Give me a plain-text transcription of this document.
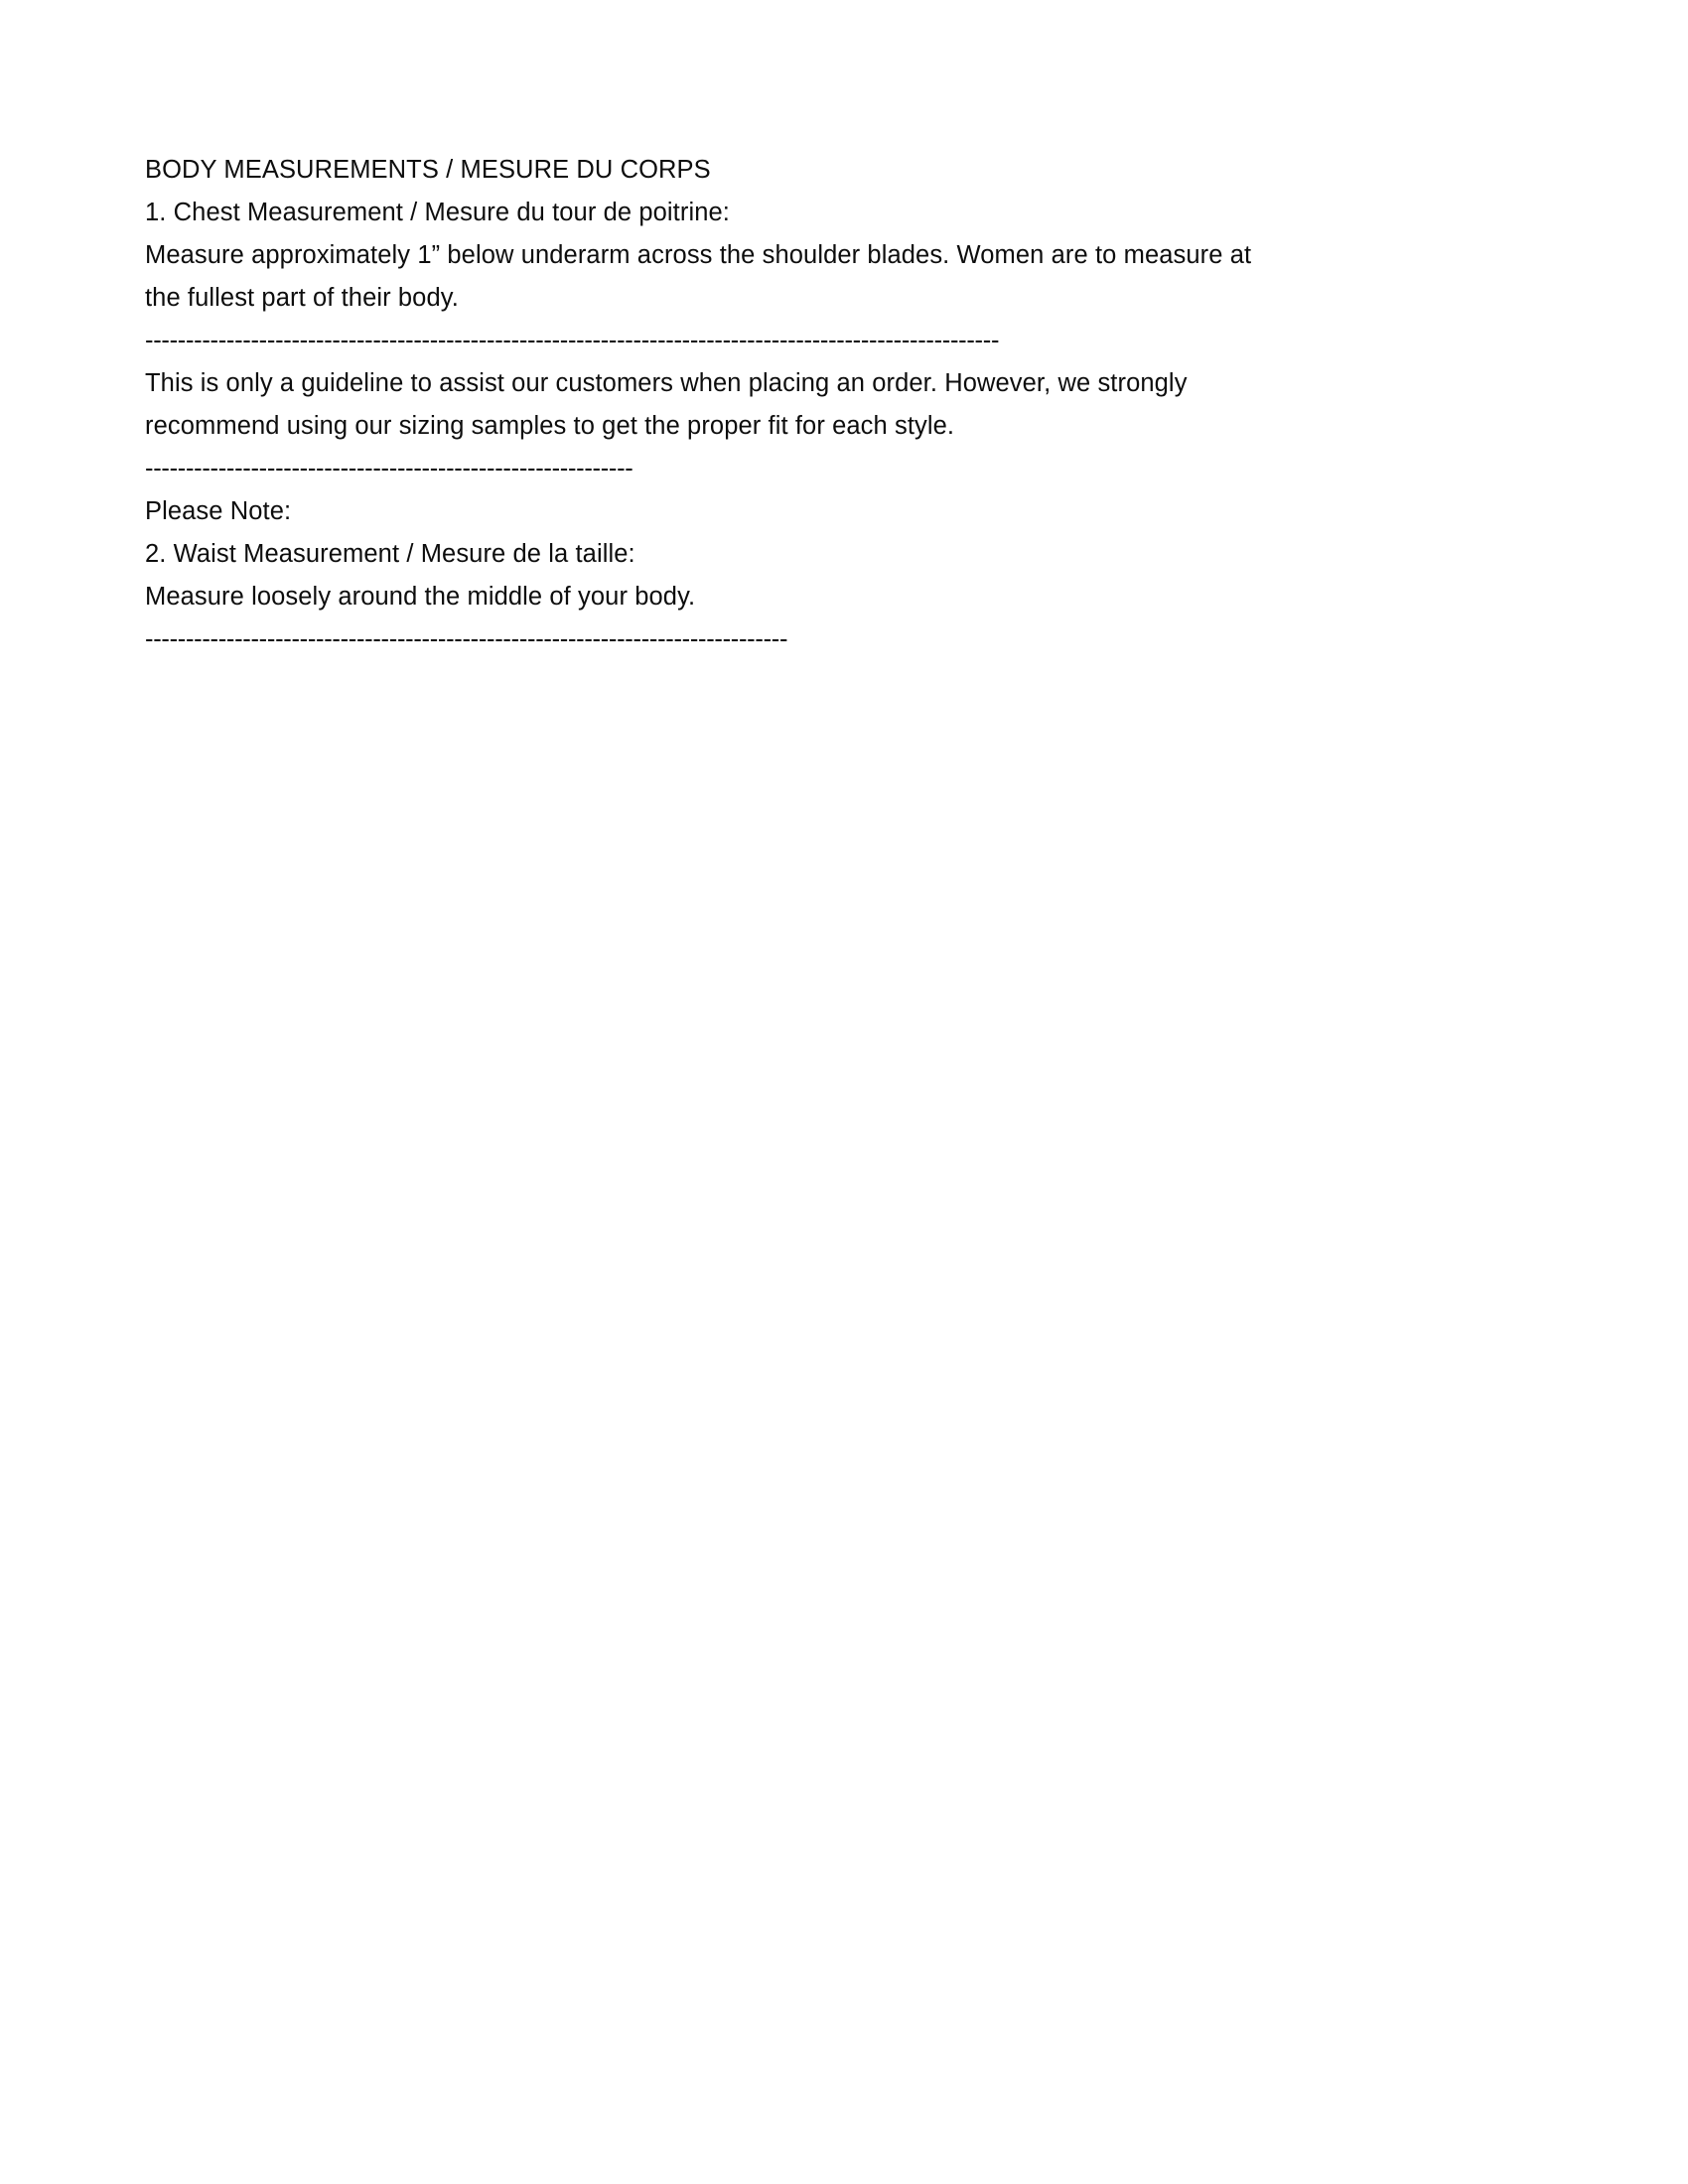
BODY MEASUREMENTS / MESURE DU CORPS
1. Chest Measurement / Mesure du tour de poitrine:
Measure approximately 1” below underarm across the shoulder blades. Women are to measure at the fullest part of their body.
---------------------------------------------------------------------------------------------------------
This is only a guideline to assist our customers when placing an order. However, we strongly recommend using our sizing samples to get the proper fit for each style.
------------------------------------------------------------
Please Note:
2. Waist Measurement / Mesure de la taille:
Measure loosely around the middle of your body.
-------------------------------------------------------------------------------
